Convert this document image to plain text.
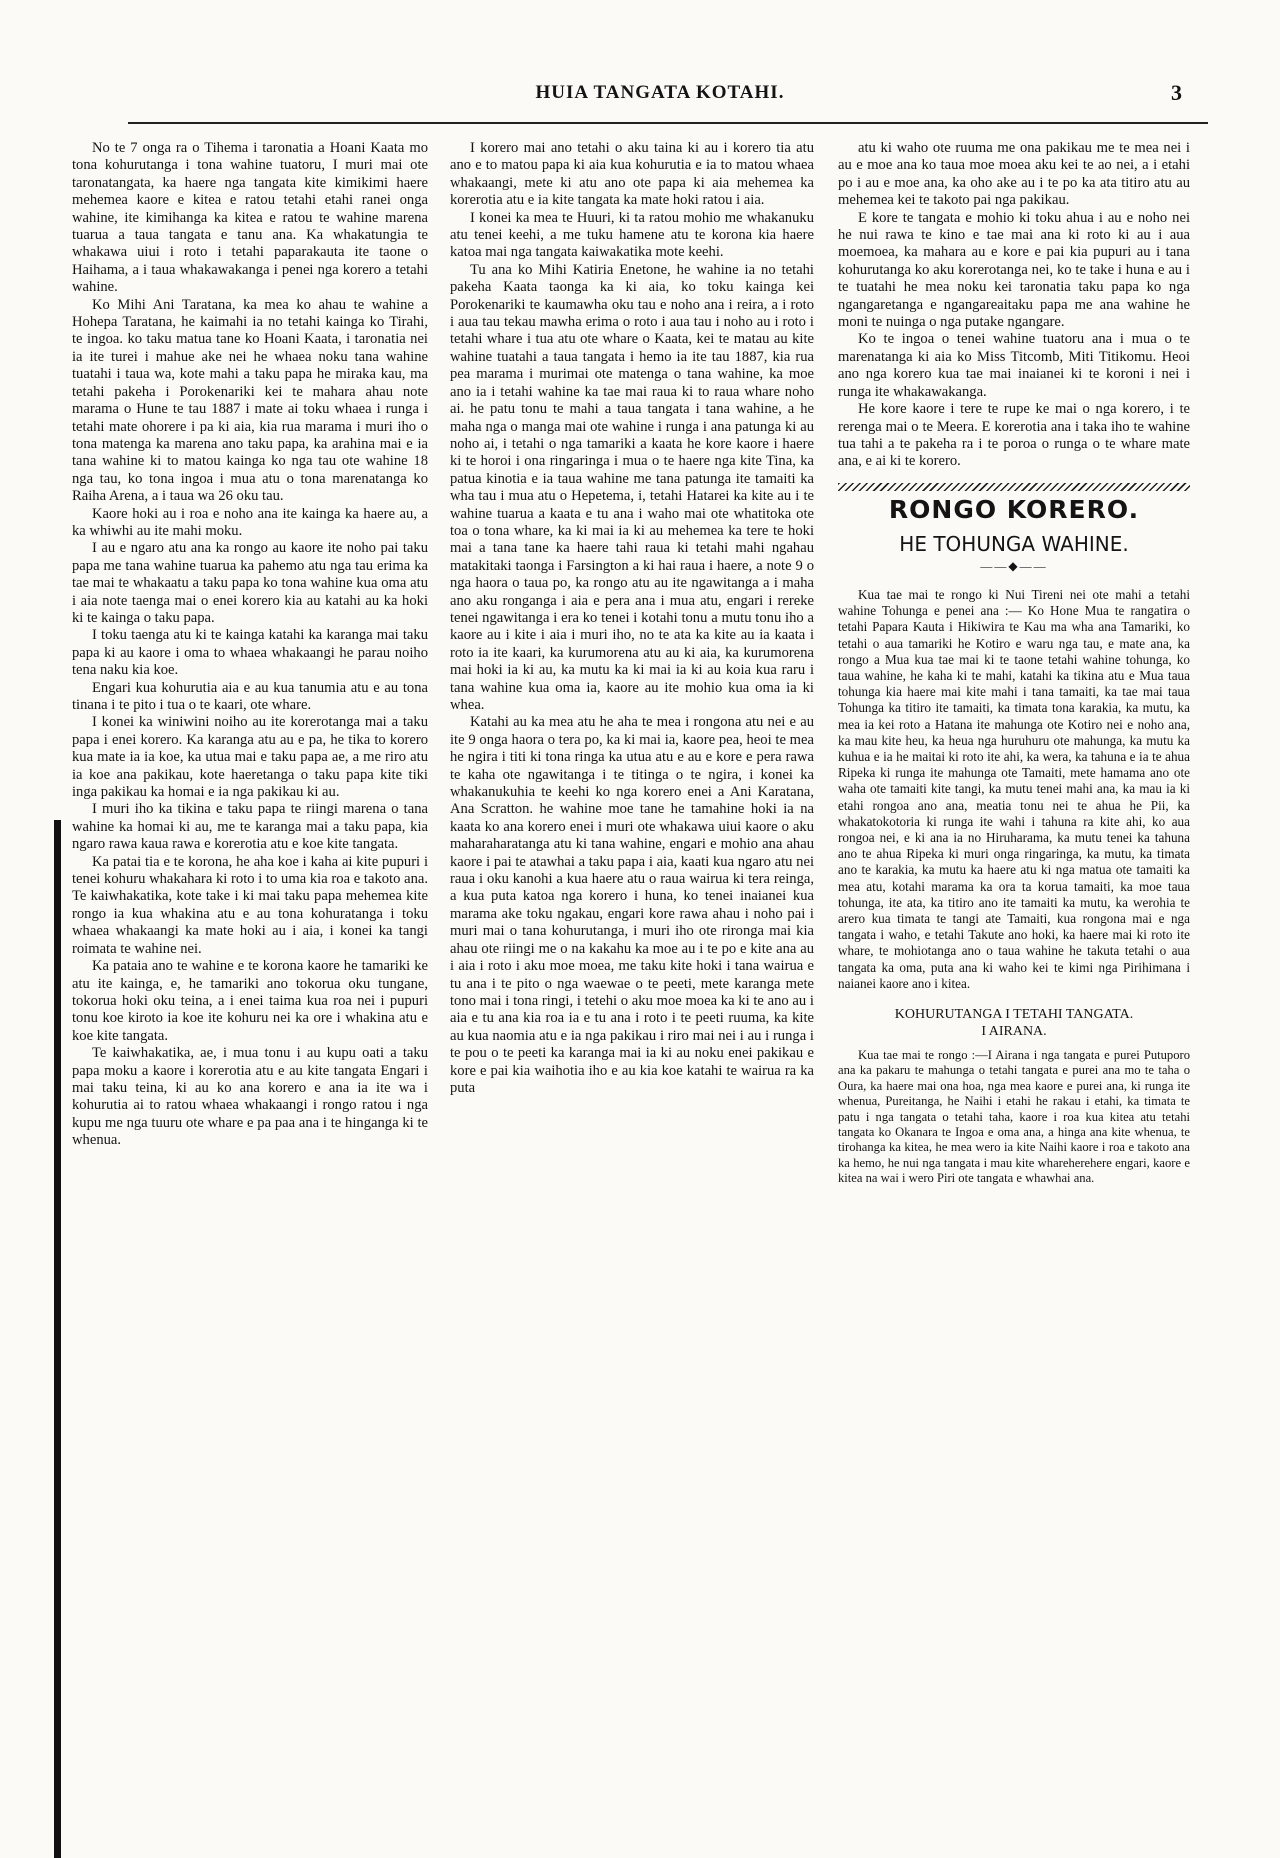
HUIA TANGATA KOTAHI.	3

No te 7 onga ra o Tihema i taronatia a Hoani Kaata mo tona kohurutanga i tona wahine tuatoru, I muri mai ote taronatangata, ka haere nga tangata kite kimikimi haere mehemea kaore e kitea e ratou tetahi etahi ranei onga wahine, ite kimihanga ka kitea e ratou te wahine marena tuarua a taua tangata e tanu ana. Ka whakatungia te whakawa uiui i roto i tetahi paparakauta ite taone o Haihama, a i taua whakawakanga i penei nga korero a tetahi wahine.

Ko Mihi Ani Taratana, ka mea ko ahau te wahine a Hohepa Taratana, he kaimahi ia no tetahi kainga ko Tirahi, te ingoa. ko taku matua tane ko Hoani Kaata, i taronatia nei ia ite turei i mahue ake nei he whaea noku tana wahine tuatahi i taua wa, kote mahi a taku papa he miraka kau, ma tetahi pakeha i Porokenariki kei te mahara ahau note marama o Hune te tau 1887 i mate ai toku whaea i runga i tetahi mate ohorere i pa ki aia, kia rua marama i muri iho o tona matenga ka marena ano taku papa, ka arahina mai e ia tana wahine ki to matou kainga ko nga tau ote wahine 18 nga tau, ko tona ingoa i mua atu o tona marenatanga ko Raiha Arena, a i taua wa 26 oku tau.

Kaore hoki au i roa e noho ana ite kainga ka haere au, a ka whiwhi au ite mahi moku.

I au e ngaro atu ana ka rongo au kaore ite noho pai taku papa me tana wahine tuarua ka pahemo atu nga tau erima ka tae mai te whakaatu a taku papa ko tona wahine kua oma atu i aia note taenga mai o enei korero kia au katahi au ka hoki ki te kainga o taku papa.

I toku taenga atu ki te kainga katahi ka karanga mai taku papa ki au kaore i oma to whaea whakaangi he parau noiho tena naku kia koe.

Engari kua kohurutia aia e au kua tanumia atu e au tona tinana i te pito i tua o te kaari, ote whare.

I konei ka winiwini noiho au ite korerotanga mai a taku papa i enei korero. Ka karanga atu au e pa, he tika to korero kua mate ia ia koe, ka utua mai e taku papa ae, a me riro atu ia koe ana pakikau, kote haeretanga o taku papa kite tiki inga pakikau ka homai e ia nga pakikau ki au.

I muri iho ka tikina e taku papa te riingi marena o tana wahine ka homai ki au, me te karanga mai a taku papa, kia ngaro rawa kaua rawa e korerotia atu e koe kite tangata.

Ka patai tia e te korona, he aha koe i kaha ai kite pupuri i tenei kohuru whakahara ki roto i to uma kia roa e takoto ana. Te kaiwhakatika, kote take i ki mai taku papa mehemea kite rongo ia kua whakina atu e au tona kohuratanga i toku whaea whakaangi ka mate hoki au i aia, i konei ka tangi roimata te wahine nei.

Ka pataia ano te wahine e te korona kaore he tamariki ke atu ite kainga, e, he tamariki ano tokorua oku tungane, tokorua hoki oku teina, a i enei taima kua roa nei i pupuri tonu koe kiroto ia koe ite kohuru nei ka ore i whakina atu e koe kite tangata.

Te kaiwhakatika, ae, i mua tonu i au kupu oati a taku papa moku a kaore i korerotia atu e au kite tangata Engari i mai taku teina, ki au ko ana korero e ana ia ite wa i kohurutia ai to ratou whaea whakaangi i rongo ratou i nga kupu me nga tuuru ote whare e pa paa ana i te hinganga ki te whenua.

I korero mai ano tetahi o aku taina ki au i korero tia atu ano e to matou papa ki aia kua kohurutia e ia to matou whaea whakaangi, mete ki atu ano ote papa ki aia mehemea ka korerotia atu e ia kite tangata ka mate hoki ratou i aia.

I konei ka mea te Huuri, ki ta ratou mohio me whakanuku atu tenei keehi, a me tuku hamene atu te korona kia haere katoa mai nga tangata kaiwakatika mote keehi.

Tu ana ko Mihi Katiria Enetone, he wahine ia no tetahi pakeha Kaata taonga ka ki aia, ko toku kainga kei Porokenariki te kaumawha oku tau e noho ana i reira, a i roto i aua tau tekau mawha erima o roto i aua tau i noho au i roto i tetahi whare i tua atu ote whare o Kaata, kei te matau au kite wahine tuatahi a taua tangata i hemo ia ite tau 1887, kia rua pea marama i murimai ote matenga o tana wahine, ka moe ano ia i tetahi wahine ka tae mai raua ki to raua whare noho ai. he patu tonu te mahi a taua tangata i tana wahine, a he maha nga o manga mai ote wahine i runga i ana patunga ki au noho ai, i tetahi o nga tamariki a kaata he kore kaore i haere ki te horoi i ona ringaringa i mua o te haere nga kite Tina, ka patua kinotia e ia taua wahine me tana patunga ite tamaiti ka wha tau i mua atu o Hepetema, i, tetahi Hatarei ka kite au i te wahine tuarua a kaata e tu ana i waho mai ote whatitoka ote toa o tona whare, ka ki mai ia ki au mehemea ka tere te hoki mai a tana tane ka haere tahi raua ki tetahi mahi ngahau matakitaki taonga i Farsington a ki hai raua i haere, a note 9 o nga haora o taua po, ka rongo atu au ite ngawitanga a i maha ano aku ronganga i aia e pera ana i mua atu, engari i rereke tenei ngawitanga i era ko tenei i kotahi tonu a mutu tonu iho a kaore au i kite i aia i muri iho, no te ata ka kite au ia kaata i roto ia ite kaari, ka kurumorena atu au ki aia, ka kurumorena mai hoki ia ki au, ka mutu ka ki mai ia ki au koia kua raru i tana wahine kua oma ia, kaore au ite mohio kua oma ia ki whea.

Katahi au ka mea atu he aha te mea i rongona atu nei e au ite 9 onga haora o tera po, ka ki mai ia, kaore pea, heoi te mea he ngira i titi ki tona ringa ka utua atu e au e kore e pera rawa te kaha ote ngawitanga i te titinga o te ngira, i konei ka whakanukuhia te keehi ko nga korero enei a Ani Karatana, Ana Scratton. he wahine moe tane he tamahine hoki ia na kaata ko ana korero enei i muri ote whakawa uiui kaore o aku maharaharatanga atu ki tana wahine, engari e mohio ana ahau kaore i pai te atawhai a taku papa i aia, kaati kua ngaro atu nei raua i oku kanohi a kua haere atu o raua wairua ki tera reinga, a kua puta katoa nga korero i huna, ko tenei inaianei kua marama ake toku ngakau, engari kore rawa ahau i noho pai i muri mai o tana kohurutanga, i muri iho ote rironga mai kia ahau ote riingi me o na kakahu ka moe au i te po e kite ana au i aia i roto i aku moe moea, me taku kite hoki i tana wairua e tu ana i te pito o nga waewae o te peeti, mete karanga mete tono mai i tona ringi, i tetehi o aku moe moea ka ki te ano au i aia e tu ana kia roa ia e tu ana i roto i te peeti ruuma, ka kite au kua naomia atu e ia nga pakikau i riro mai nei i au i runga i te pou o te peeti ka karanga mai ia ki au noku enei pakikau e kore e pai kia waihotia iho e au kia koe katahi te wairua ra ka puta

atu ki waho ote ruuma me ona pakikau me te mea nei i au e moe ana ko taua moe moea aku kei te ao nei, a i etahi po i au e moe ana, ka oho ake au i te po ka ata titiro atu au mehemea kei te takoto pai nga pakikau.

E kore te tangata e mohio ki toku ahua i au e noho nei he nui rawa te kino e tae mai ana ki roto ki au i aua moemoea, ka mahara au e kore e pai kia pupuri au i tana kohurutanga ko aku korerotanga nei, ko te take i huna e au i te tuatahi he mea noku kei taronatia taku papa ko nga ngangaretanga e ngangareaitaku papa me ana wahine he moni te nuinga o nga putake ngangare.

Ko te ingoa o tenei wahine tuatoru ana i mua o te marenatanga ki aia ko Miss Titcomb, Miti Titikomu. Heoi ano nga korero kua tae mai inaianei ki te koroni i nei i runga ite whakawakanga.

He kore kaore i tere te rupe ke mai o nga korero, i te rerenga mai o te Meera. E korerotia ana i taka iho te wahine tua tahi a te pakeha ra i te poroa o runga o te whare mate ana, e ai ki te korero.

RONGO KORERO.
HE TOHUNGA WAHINE.
——◆——

Kua tae mai te rongo ki Nui Tireni nei ote mahi a tetahi wahine Tohunga e penei ana :— Ko Hone Mua te rangatira o tetahi Papara Kauta i Hikiwira te Kau ma wha ana Tamariki, ko tetahi o aua tamariki he Kotiro e waru nga tau, e mate ana, ka rongo a Mua kua tae mai ki te taone tetahi wahine tohunga, ko taua wahine, he kaha ki te mahi, katahi ka tikina atu e Mua taua tohunga kia haere mai kite mahi i tana tamaiti, ka tae mai taua Tohunga ka titiro ite tamaiti, ka timata tona karakia, ka mutu, ka mea ia kei roto a Hatana ite mahunga ote Kotiro nei e noho ana, ka mau kite heu, ka heua nga huruhuru ote mahunga, ka mutu ka kuhua e ia he maitai ki roto ite ahi, ka wera, ka tahuna e ia te ahua Ripeka ki runga ite mahunga ote Tamaiti, mete hamama ano ote waha ote tamaiti kite tangi, ka mutu tenei mahi ana, ka mau ia ki etahi rongoa ano ana, meatia tonu nei te ahua he Pii, ka whakatokotoria ki runga ite wahi i tahuna ra kite ahi, ko aua rongoa nei, e ki ana ia no Hiruharama, ka mutu tenei ka tahuna ano te ahua Ripeka ki muri onga ringaringa, ka mutu, ka timata ano te karakia, ka mutu ka haere atu ki nga matua ote tamaiti ka mea atu, kotahi marama ka ora ta korua tamaiti, ka moe taua tohunga, ite ata, ka titiro ano ite tamaiti ka mutu, ka werohia te arero kua timata te tangi ate Tamaiti, kua rongona mai e nga tangata i waho, e tetahi Takute ano hoki, ka haere mai ki roto ite whare, te mohiotanga ano o taua wahine he takuta tetahi o aua tangata ka oma, puta ana ki waho kei te kimi nga Pirihimana i naianei kaore ano i kitea.

KOHURUTANGA I TETAHI TANGATA.
I AIRANA.

Kua tae mai te rongo :—I Airana i nga tangata e purei Putuporo ana ka pakaru te mahunga o tetahi tangata e purei ana mo te taha o Oura, ka haere mai ona hoa, nga mea kaore e purei ana, ki runga ite whenua, Pureitanga, he Naihi i etahi he rakau i etahi, ka timata te patu i nga tangata o tetahi taha, kaore i roa kua kitea atu tetahi tangata ko Okanara te Ingoa e oma ana, a hinga ana kite whenua, te tirohanga ka kitea, he mea wero ia kite Naihi kaore i roa e takoto ana ka hemo, he nui nga tangata i mau kite whareherehere engari, kaore e kitea na wai i wero Piri ote tangata e whawhai ana.
